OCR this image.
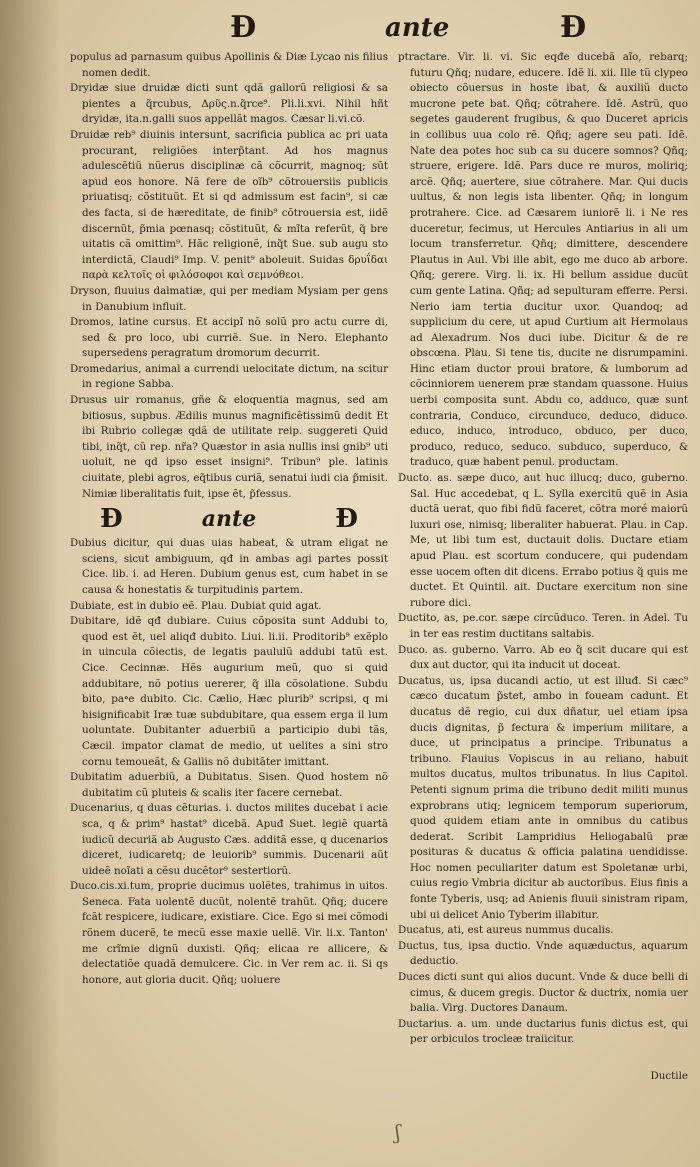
Ð	ante	Ð

populus ad parnasum quibus Apollinis & Diæ Lycao nis filius nomen dedit.

Dryidæ siue druidæ dicti sunt qdã gallorũ religiosi & sa pientes a q̃rcubus, Δρῦς.n.q̃rce⁹. Pli.li.xvi. Nihil hñt dryidæ, ita.n.galli suos appellãt magos. Cæsar li.vi.cõ.

Druidæ reb⁹ diuinis intersunt, sacrificia publica ac pri uata procurant, religiões interp̃tant. Ad hos magnus adulescẽtiũ nũerus disciplinæ cã cõcurrit, magnoq; sũt apud eos honore. Nã fere de oĩb⁹ cõtrouersiis publicis priuatisq; cõstituũt. Et si qd admissum est facin⁹, si cæ des facta, si de hæreditate, de finib⁹ cõtrouersia est, iidẽ discernũt, p̃mia pœnasq; cõstituũt, & mĩta referũt, q̃ bre uitatis cã omittim⁹. Hãc religionẽ, inq̃t Sue. sub augu sto interdictã, Claudi⁹ Imp. V. penit⁹ aboleuit. Suidas δρυΐδαι παρὰ κελτοῖς οἱ φιλόσοφοι καὶ σεμνόθεοι.

Dryson, fluuius dalmatiæ, qui per mediam Mysiam per gens in Danubium influit.

Dromos, latine cursus. Et accipĩ nõ solũ pro actu curre di, sed & pro loco, ubi curriẽ. Sue. in Nero. Elephanto supersedens peragratum dromorum decurrit.

Dromedarius, animal a currendi uelocitate dictum, na scitur in regione Sabba.

Drusus uir romanus, gñe & eloquentia magnus, sed am bitiosus, supbus. Ædilis munus magnificẽtissimũ dedit Et ibi Rubrio collegæ qdã de utilitate reip. suggereti Quid tibi, inq̃t, cũ rep. nr̃a? Quæstor in asia nullis insi gnib⁹ uti uoluit, ne qd ipso esset insigni⁹. Tribun⁹ ple. latinis ciuitate, plebi agros, eq̃tibus curiã, senatui iudi cia p̃misit. Nimiæ liberalitatis fuit, ipse ẽt, p̃fessus.

Ð	ante	Ð

Dubius dicitur, qui duas uias habeat, & utram eligat ne sciens, sicut ambiguum, qđ in ambas agi partes possit Cice. lib. i. ad Heren. Dubium genus est, cum habet in se causa & honestatis & turpitudinis partem.

Dubiate, est in dubio eẽ. Plau. Dubiat quid agat.

Dubitare, idẽ qđ dubiare. Cuius cõposita sunt Addubi to, quod est ẽt, uel aliqđ dubito. Liui. li.ii. Proditorib⁹ exẽplo in uincula cõiectis, de legatis paululũ addubi tatũ est. Cice. Cecinnæ. Hẽs augurium meũ, quo si quid addubitare, nõ potius uererer, q̃ illa cõsolatione. Subdu bito, pa॰e dubito. Cic. Cælio, Hæc plurib⁹ scripsi, q mi hisignificabit Iræ tuæ subdubitare, qua essem erga il lum uoluntate. Dubitanter aduerbiũ a participio dubi tãs, Cæcil. impator clamat de medio, ut uelites a sini stro cornu temoueãt, & Gallis nõ dubitãter imittant.

Dubitatim aduerbiũ, a Dubitatus. Sisen. Quod hostem nõ dubitatim cũ pluteis & scalis iter facere cernebat.

Ducenarius, q duas cẽturias. i. ductos milites ducebat i acie sca, q & prim⁹ hastat⁹ dicebã. Apuđ Suet. legiẽ quartã iudicũ decuriã ab Augusto Cæs. additã esse, q ducenarios diceret, iudicaretq; de leuiorib⁹ summis. Ducenarii aũt uideẽ noĩati a cẽsu ducẽtor⁹ sestertiorũ.

Duco.cis.xi.tum, proprie ducimus uolẽtes, trahimus in uitos. Seneca. Fata uolentẽ ducũt, nolentẽ trahũt. Qñq; ducere fcãt respicere, iudicare, existiare. Cice. Ego si mei cõmodi rõnem ducerẽ, te mecũ esse maxie uellẽ. Vir. li.x. Tanton' me crĩmie dignũ duxisti. Qñq; elicaa re allicere, & delectatiõe quadã demulcere. Cic. in Ver rem ac. ii. Si qs honore, aut gloria ducit. Qñq; uoluere

ptractare. Vir. li. vi. Sic eqđe ducebã aĩo, rebarq; futuru Qñq; nudare, educere. Idẽ li. xii. Ille tũ clypeo obiecto cõuersus in hoste ibat, & auxiliũ ducto mucrone pete bat. Qñq; cõtrahere. Idẽ. Astrũ, quo segetes gauderent frugibus, & quo Duceret apricis in collibus uua colo rẽ. Qñq; agere seu pati. Idẽ. Nate dea potes hoc sub ca su ducere somnos? Qñq; struere, erigere. Idẽ. Pars duce re muros, moliriq; arcẽ. Qñq; auertere, siue cõtrahere. Mar. Qui ducis uultus, & non legis ista libenter. Qñq; in longum protrahere. Cice. ad Cæsarem iuniorẽ li. i Ne res duceretur, fecimus, ut Hercules Antiarius in ali um locum transferretur. Qñq; dimittere, descendere Plautus in Aul. Vbi ille abit, ego me duco ab arbore. Qñq; gerere. Virg. li. ix. Hi bellum assidue ducũt cum gente Latina. Qñq; ad sepulturam efferre. Persi. Nerio iam tertia ducitur uxor. Quandoq; ad supplicium du cere, ut apud Curtium ait Hermolaus ad Alexadrum. Nos duci iube. Dicitur & de re obscœna. Plau. Si tene tis, ducite ne disrumpamini. Hinc etiam ductor proui bratore, & lumborum ad cõcinniorem uenerem præ standam quassone. Huius uerbi composita sunt. Abdu co, adduco, quæ sunt contraria, Conduco, circunduco, deduco, diduco. educo, induco, introduco, obduco, per duco, produco, reduco, seduco. subduco, superduco, & traduco, quæ habent penul. productam.

Ducto. as. sæpe duco, aut huc illucq; duco, guberno. Sal. Huc accedebat, q L. Sylla exercitũ quẽ in Asia ductã uerat, quo fibi fidũ faceret, cõtra moré maiorũ luxuri ose, nimisq; liberaliter habuerat. Plau. in Cap. Me, ut libi tum est, ductauit dolis. Ductare etiam apud Plau. est scortum conducere, qui pudendam esse uocem often dit dicens. Errabo potius q̃ quis me ductet. Et Quintil. ait. Ductare exercitum non sine rubore dici.

Ductito, as, pe.cor. sæpe circũduco. Teren. in Adel. Tu in ter eas restim ductitans saltabis.

Duco. as. guberno. Varro. Ab eo q̃ scit ducare qui est dux aut ductor, qui ita inducit ut doceat.

Ducatus, us, ipsa ducandi actio, ut est illuđ. Si cæc⁹ cæco ducatum p̃stet, ambo in foueam cadunt. Et ducatus dẽ regio, cui dux dñatur, uel etiam ipsa ducis dignitas, p̃ fectura & imperium militare, a duce, ut principatus a principe. Tribunatus a tribuno. Flauius Vopiscus in au reliano, habuit multos ducatus, multos tribunatus. In lius Capitol. Petenti signum prima die tribuno dedit militi munus exprobrans utiq; legnicem temporum superiorum, quod quidem etiam ante in omnibus du catibus dederat. Scribit Lampridius Heliogabalũ præ posituras & ducatus & officia palatina uendidisse. Hoc nomen peculiariter datum est Spoletanæ urbi, cuius regio Vmbria dicitur ab auctoribus. Eius finis a fonte Tyberis, usq; ad Anienis fluuii sinistram ripam, ubi ui delicet Anio Tyberim illabitur.

Ducatus, ati, est aureus nummus ducalis.

Ductus, tus, ipsa ductio. Vnde aquæductus, aquarum deductio.

Duces dicti sunt qui alios ducunt. Vnde & duce belli di cimus, & ducem gregis. Ductor & ductrix, nomia uer balia. Virg. Ductores Danaum.

Ductarius. a. um. unde ductarius funis dictus est, qui per orbiculos trocleæ traiicitur.

Ductile
ʃ
